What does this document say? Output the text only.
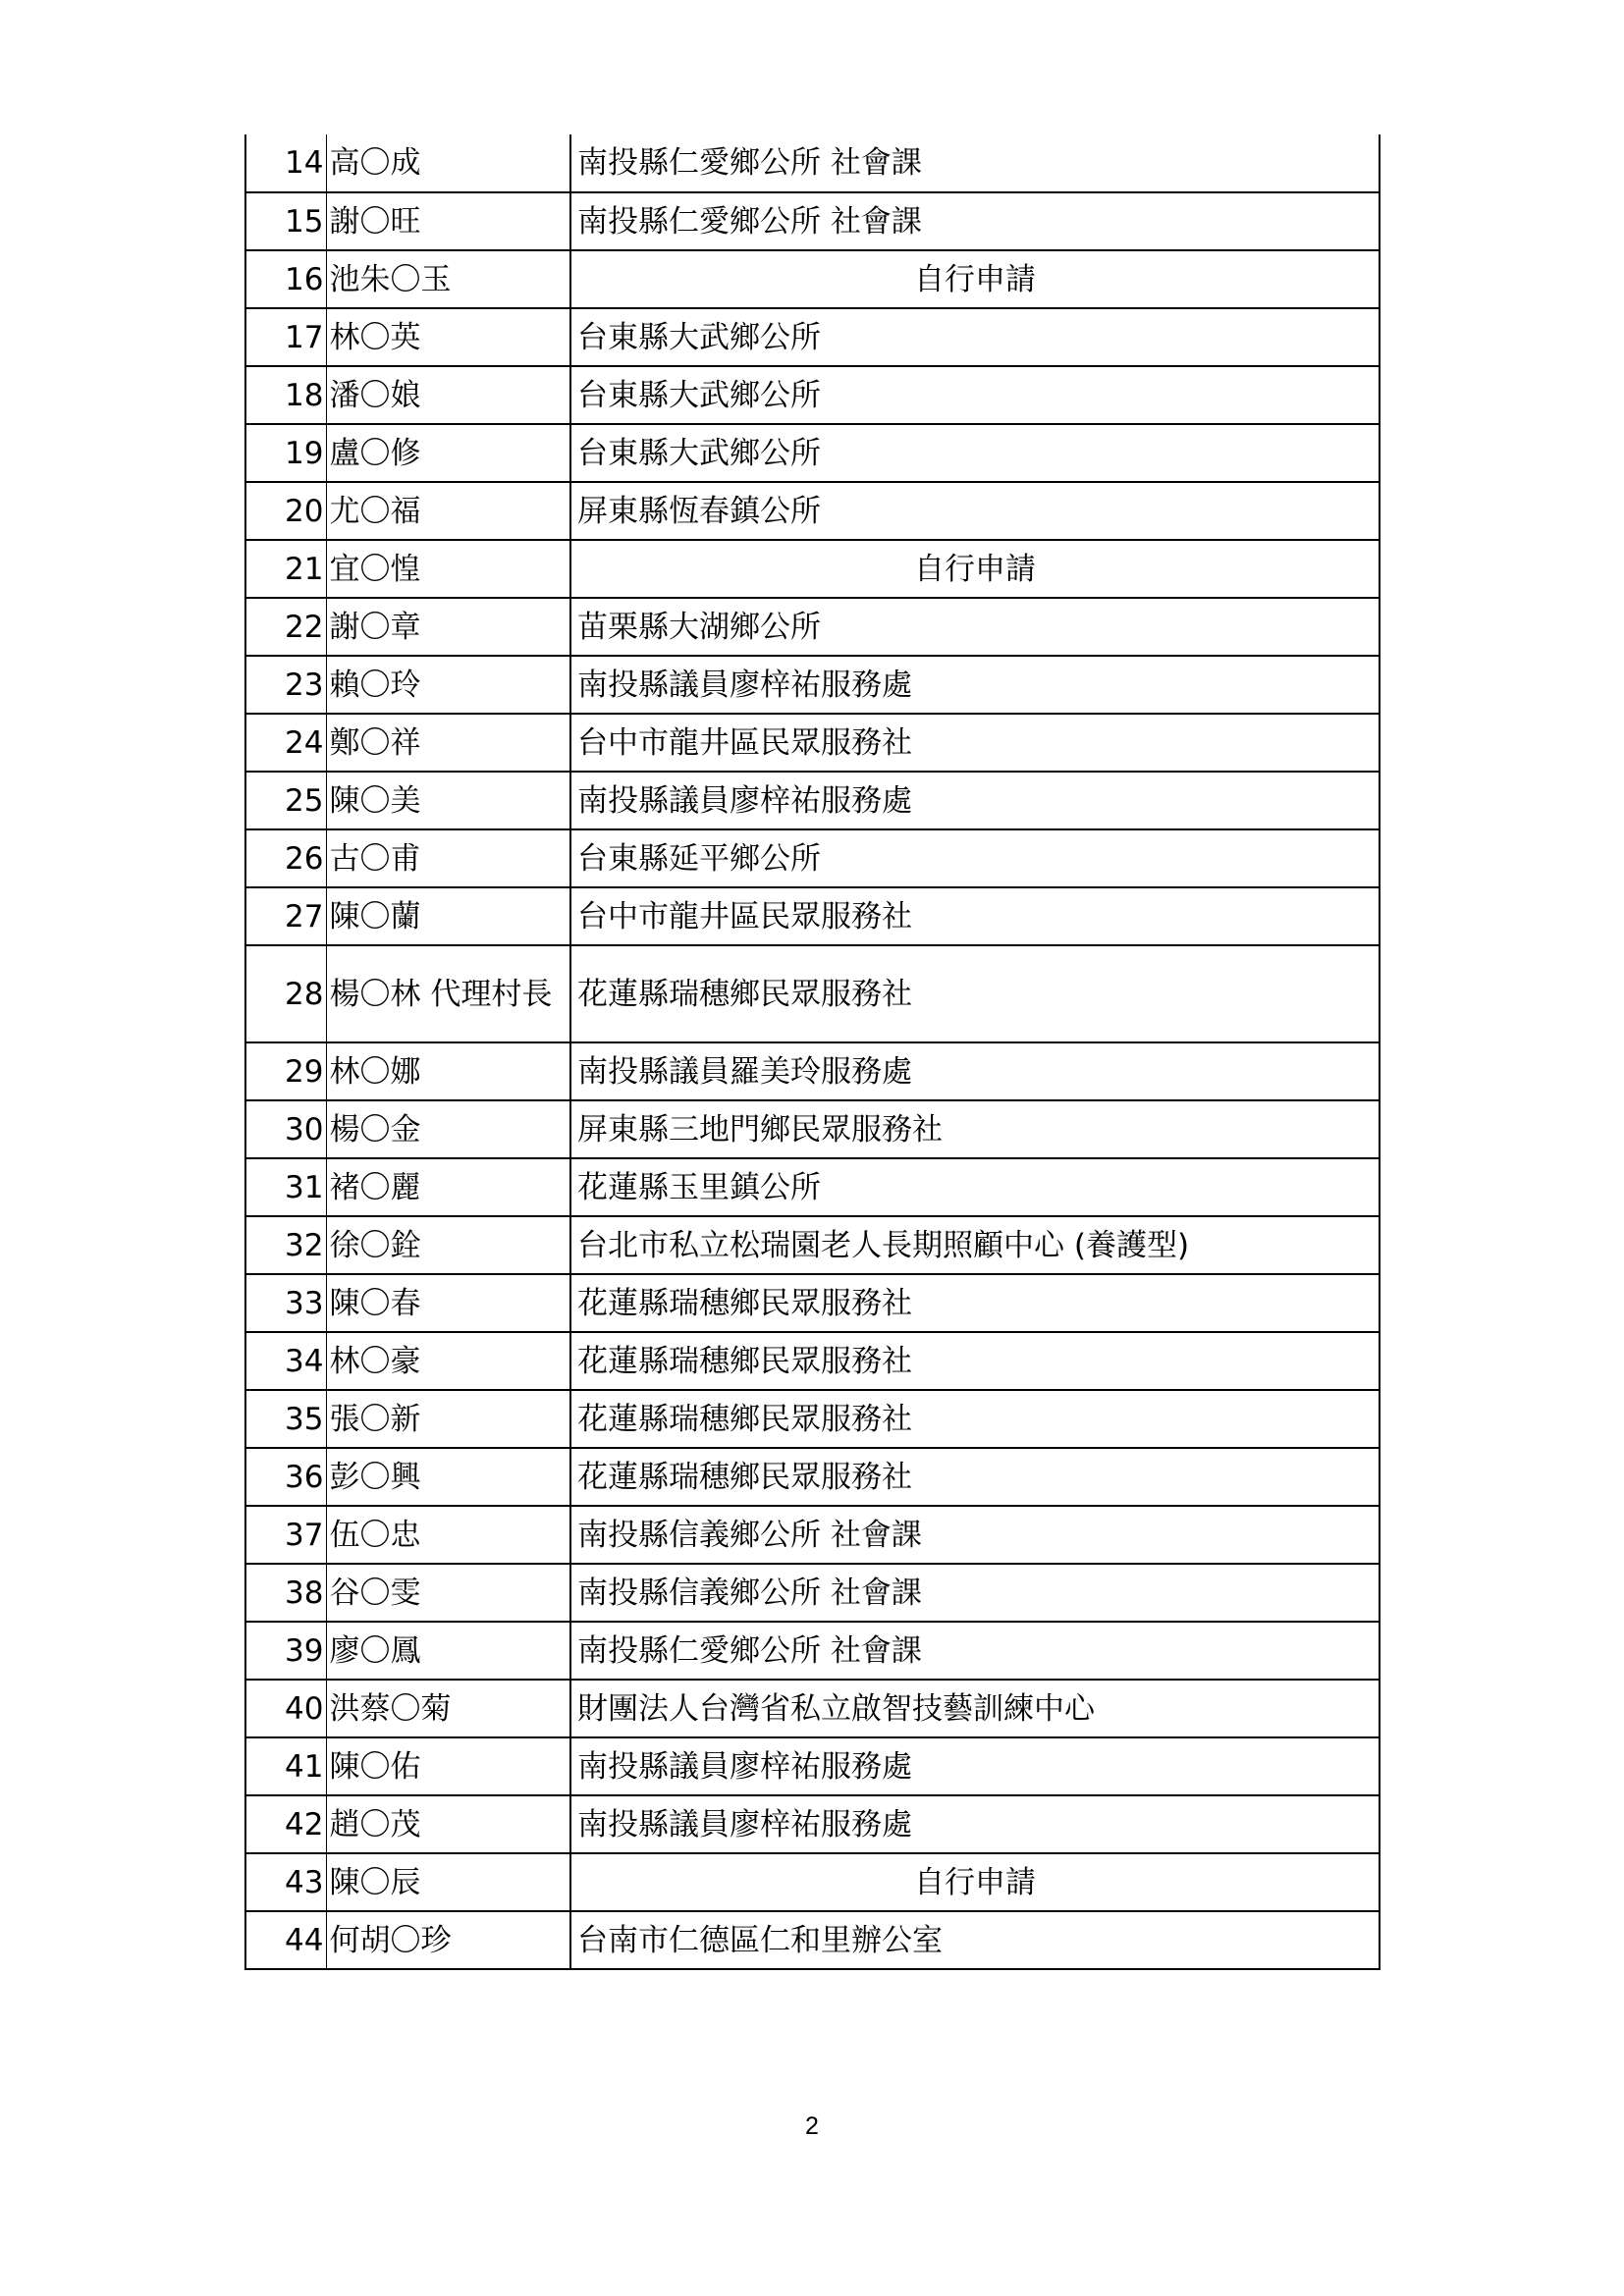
14	高〇成	南投縣仁愛鄉公所 社會課
15	謝〇旺	南投縣仁愛鄉公所 社會課
16	池朱〇玉	自行申請
17	林〇英	台東縣大武鄉公所
18	潘〇娘	台東縣大武鄉公所
19	盧〇修	台東縣大武鄉公所
20	尤〇福	屏東縣恆春鎮公所
21	宜〇惶	自行申請
22	謝〇章	苗栗縣大湖鄉公所
23	賴〇玲	南投縣議員廖梓祐服務處
24	鄭〇祥	台中市龍井區民眾服務社
25	陳〇美	南投縣議員廖梓祐服務處
26	古〇甫	台東縣延平鄉公所
27	陳〇蘭	台中市龍井區民眾服務社
28	楊〇林 代理村長	花蓮縣瑞穗鄉民眾服務社
29	林〇娜	南投縣議員羅美玲服務處
30	楊〇金	屏東縣三地門鄉民眾服務社
31	褚〇麗	花蓮縣玉里鎮公所
32	徐〇銓	台北市私立松瑞園老人長期照顧中心 (養護型)
33	陳〇春	花蓮縣瑞穗鄉民眾服務社
34	林〇豪	花蓮縣瑞穗鄉民眾服務社
35	張〇新	花蓮縣瑞穗鄉民眾服務社
36	彭〇興	花蓮縣瑞穗鄉民眾服務社
37	伍〇忠	南投縣信義鄉公所 社會課
38	谷〇雯	南投縣信義鄉公所 社會課
39	廖〇鳳	南投縣仁愛鄉公所 社會課
40	洪蔡〇菊	財團法人台灣省私立啟智技藝訓練中心
41	陳〇佑	南投縣議員廖梓祐服務處
42	趙〇茂	南投縣議員廖梓祐服務處
43	陳〇辰	自行申請
44	何胡〇珍	台南市仁德區仁和里辦公室
2
